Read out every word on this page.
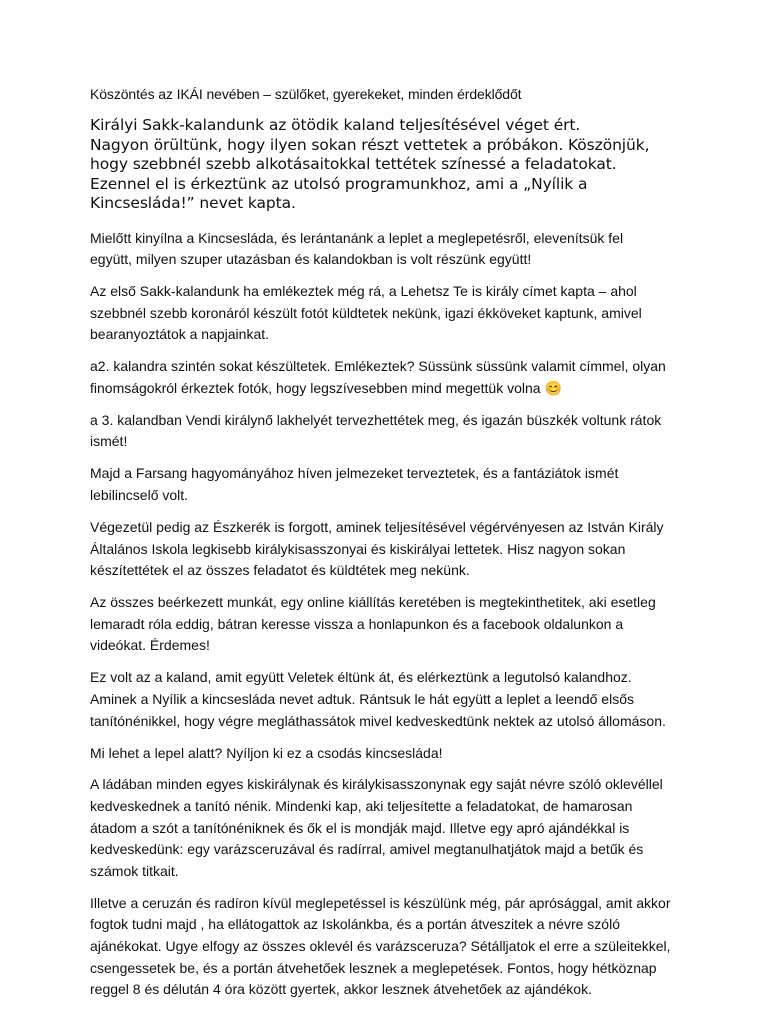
Köszöntés az IKÁI nevében – szülőket, gyerekeket, minden érdeklődőt

Királyi Sakk-kalandunk az ötödik kaland teljesítésével véget ért.
Nagyon örültünk, hogy ilyen sokan részt vettetek a próbákon. Köszönjük,
hogy szebbnél szebb alkotásaitokkal tettétek színessé a feladatokat.
Ezennel el is érkeztünk az utolsó programunkhoz, ami a „Nyílik a
Kincsesláda!” nevet kapta.

Mielőtt kinyílna a Kincsesláda, és lerántanánk a leplet a meglepetésről, elevenítsük fel
együtt, milyen szuper utazásban és kalandokban is volt részünk együtt!

Az első Sakk-kalandunk ha emlékeztek még rá, a Lehetsz Te is király címet kapta – ahol
szebbnél szebb koronáról készült fotót küldtetek nekünk, igazi ékköveket kaptunk, amivel
bearanyoztátok a napjainkat.

a2. kalandra szintén sokat készültetek. Emlékeztek? Süssünk süssünk valamit címmel, olyan
finomságokról érkeztek fotók, hogy legszívesebben mind megettük volna 😊

a 3. kalandban Vendi királynő lakhelyét tervezhettétek meg, és igazán büszkék voltunk rátok
ismét!

Majd a Farsang hagyományához híven jelmezeket terveztetek, és a fantáziátok ismét
lebilincselő volt.

Végezetül pedig az Észkerék is forgott, aminek teljesítésével végérvényesen az István Király
Általános Iskola legkisebb királykisasszonyai és kiskirályai lettetek. Hisz nagyon sokan
készítettétek el az összes feladatot és küldtétek meg nekünk.

Az összes beérkezett munkát, egy online kiállítás keretében is megtekinthetitek, aki esetleg
lemaradt róla eddig, bátran keresse vissza a honlapunkon és a facebook oldalunkon a
videókat. Érdemes!

Ez volt az a kaland, amit együtt Veletek éltünk át, és elérkeztünk a legutolsó kalandhoz.
Aminek a Nyílik a kincsesláda nevet adtuk. Rántsuk le hát együtt a leplet a leendő elsős
tanítónénikkel, hogy végre megláthassátok mivel kedveskedtünk nektek az utolsó állomáson.

Mi lehet a lepel alatt? Nyíljon ki ez a csodás kincsesláda!

A ládában minden egyes kiskirálynak és királykisasszonynak egy saját névre szóló oklevéllel
kedveskednek a tanító nénik. Mindenki kap, aki teljesítette a feladatokat, de hamarosan
átadom a szót a tanítónéniknek és ők el is mondják majd. Illetve egy apró ajándékkal is
kedveskedünk: egy varázsceruzával és radírral, amivel megtanulhatjátok majd a betűk és
számok titkait.

Illetve a ceruzán és radíron kívül meglepetéssel is készülünk még, pár aprósággal, amit akkor
fogtok tudni majd , ha ellátogattok az Iskolánkba, és a portán átveszitek a névre szóló
ajánékokat. Ugye elfogy az összes oklevél és varázsceruza? Sétálljatok el erre a szüleitekkel,
csengessetek be, és a portán átvehetőek lesznek a meglepetések. Fontos, hogy hétköznap
reggel 8 és délután 4 óra között gyertek, akkor lesznek átvehetőek az ajándékok.
